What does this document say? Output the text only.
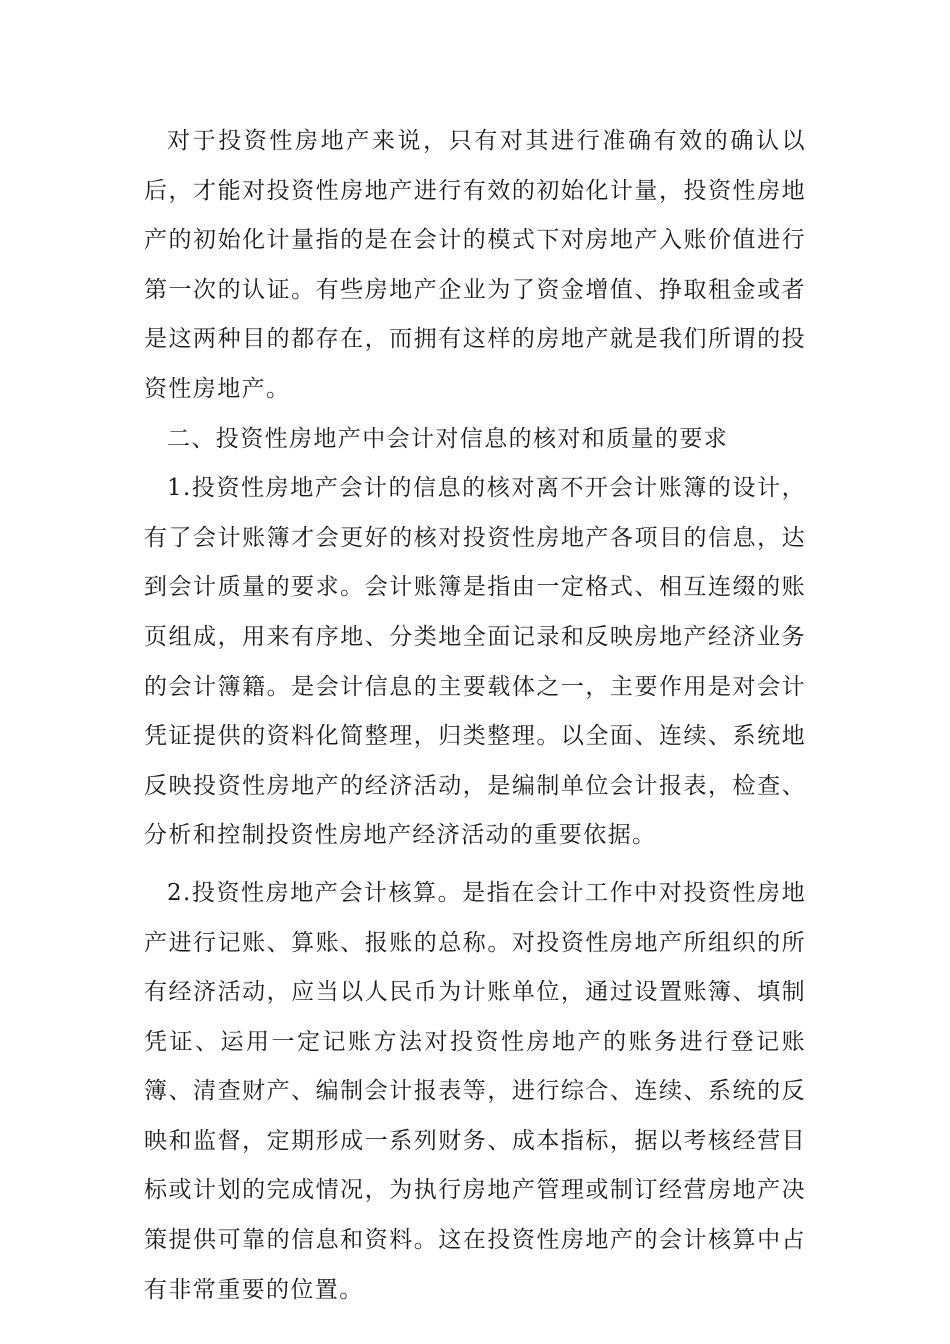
对于投资性房地产来说，只有对其进行准确有效的确认以后，才能对投资性房地产进行有效的初始化计量，投资性房地产的初始化计量指的是在会计的模式下对房地产入账价值进行第一次的认证。有些房地产企业为了资金增值、挣取租金或者是这两种目的都存在，而拥有这样的房地产就是我们所谓的投资性房地产。

二、投资性房地产中会计对信息的核对和质量的要求

1.投资性房地产会计的信息的核对离不开会计账簿的设计，有了会计账簿才会更好的核对投资性房地产各项目的信息，达到会计质量的要求。会计账簿是指由一定格式、相互连缀的账页组成，用来有序地、分类地全面记录和反映房地产经济业务的会计簿籍。是会计信息的主要载体之一，主要作用是对会计凭证提供的资料化简整理，归类整理。以全面、连续、系统地反映投资性房地产的经济活动，是编制单位会计报表，检查、分析和控制投资性房地产经济活动的重要依据。

2.投资性房地产会计核算。是指在会计工作中对投资性房地产进行记账、算账、报账的总称。对投资性房地产所组织的所有经济活动，应当以人民币为计账单位，通过设置账簿、填制凭证、运用一定记账方法对投资性房地产的账务进行登记账簿、清查财产、编制会计报表等，进行综合、连续、系统的反映和监督，定期形成一系列财务、成本指标，据以考核经营目标或计划的完成情况，为执行房地产管理或制订经营房地产决策提供可靠的信息和资料。这在投资性房地产的会计核算中占有非常重要的位置。
